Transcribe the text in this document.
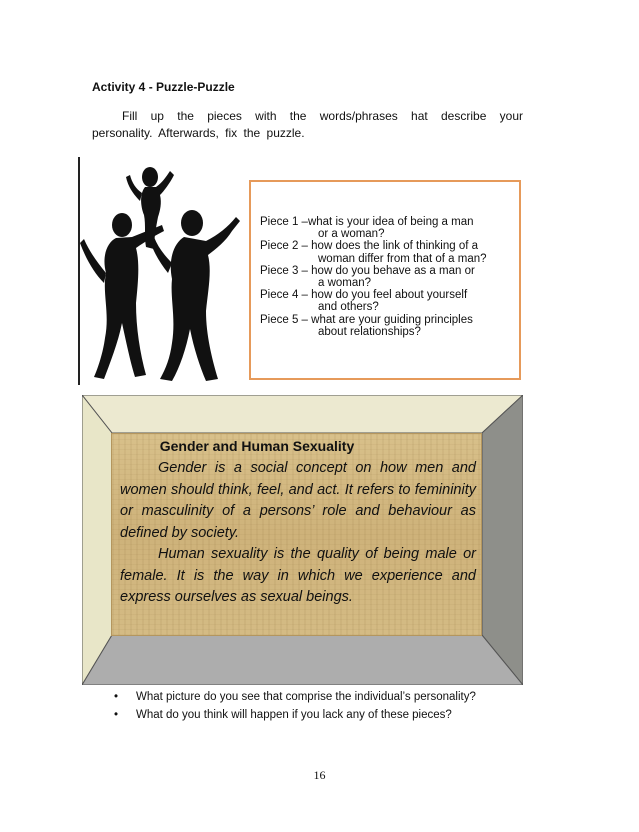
Activity 4 - Puzzle-Puzzle
Fill up the pieces with the words/phrases hat describe your personality. Afterwards, fix the puzzle.
Piece 1 – what is your idea of being a man
or a woman?
Piece 2 – how does the link of thinking of a
woman differ from that of a man?
Piece 3 – how do you behave as a man or
a woman?
Piece 4 – how do you feel about yourself
and others?
Piece 5 – what are your guiding principles
about relationships?
Gender and Human Sexuality
Gender is a social concept on how men and women should think, feel, and act. It refers to femininity or masculinity of a persons’ role and behaviour as defined by society.
Human sexuality is the quality of being male or female. It is the way in which we experience and express ourselves as sexual beings.
•	What picture do you see that comprise the individual’s personality?
•	What do you think will happen if you lack any of these pieces?
16
